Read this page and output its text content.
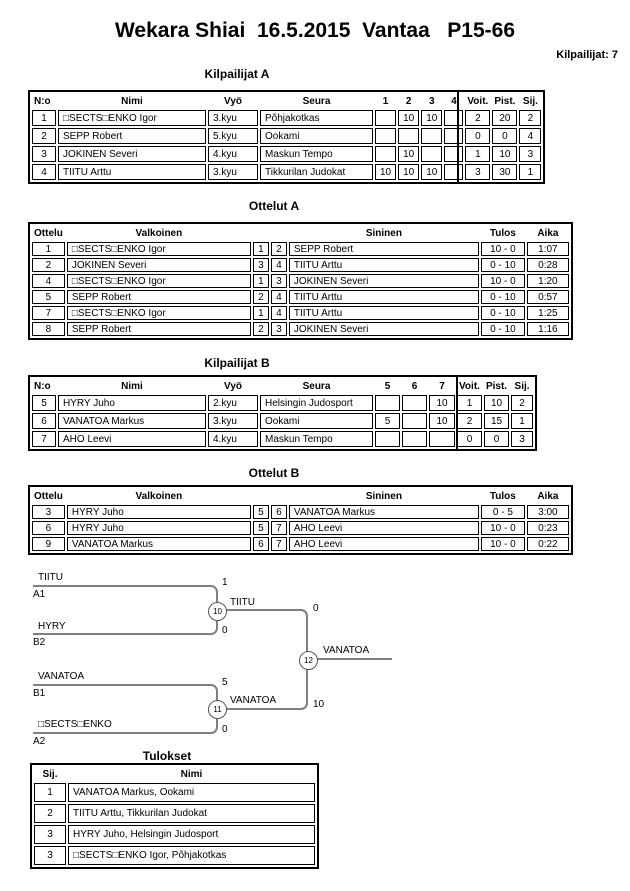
Wekara Shiai  16.5.2015  Vantaa   P15-66
Kilpailijat: 7
Kilpailijat A
N:o	Nimi	Vyö	Seura	1	2	3	4	Voit.	Pist.	Sij.
1	□SECTS□ENKO Igor	3.kyu	Põhjakotkas		10	10		2	20	2
2	SEPP Robert	5.kyu	Ookami					0	0	4
3	JOKINEN Severi	4.kyu	Maskun Tempo		10			1	10	3
4	TIITU Arttu	3.kyu	Tikkurilan Judokat	10	10	10		3	30	1
Ottelut A
Ottelu	Valkoinen			Sininen	Tulos	Aika
1	□SECTS□ENKO Igor	1	2	SEPP Robert	10 - 0	1:07
2	JOKINEN Severi	3	4	TIITU Arttu	0 - 10	0:28
4	□SECTS□ENKO Igor	1	3	JOKINEN Severi	10 - 0	1:20
5	SEPP Robert	2	4	TIITU Arttu	0 - 10	0:57
7	□SECTS□ENKO Igor	1	4	TIITU Arttu	0 - 10	1:25
8	SEPP Robert	2	3	JOKINEN Severi	0 - 10	1:16
Kilpailijat B
N:o	Nimi	Vyö	Seura	5	6	7	Voit.	Pist.	Sij.
5	HYRY Juho	2.kyu	Helsingin Judosport			10	1	10	2
6	VANATOA Markus	3.kyu	Ookami	5		10	2	15	1
7	AHO Leevi	4.kyu	Maskun Tempo				0	0	3
Ottelut B
Ottelu	Valkoinen			Sininen	Tulos	Aika
3	HYRY Juho	5	6	VANATOA Markus	0 - 5	3:00
6	HYRY Juho	5	7	AHO Leevi	10 - 0	0:23
9	VANATOA Markus	6	7	AHO Leevi	10 - 0	0:22
TIITU
A1
1
HYRY
B2
0
VANATOA
B1
5
□SECTS□ENKO
A2
0
TIITU
0
VANATOA	10
VANATOA
10
11
12
Tulokset
Sij.	Nimi
1	VANATOA Markus, Ookami
2	TIITU Arttu, Tikkurilan Judokat
3	HYRY Juho, Helsingin Judosport
3	□SECTS□ENKO Igor, Põhjakotkas
